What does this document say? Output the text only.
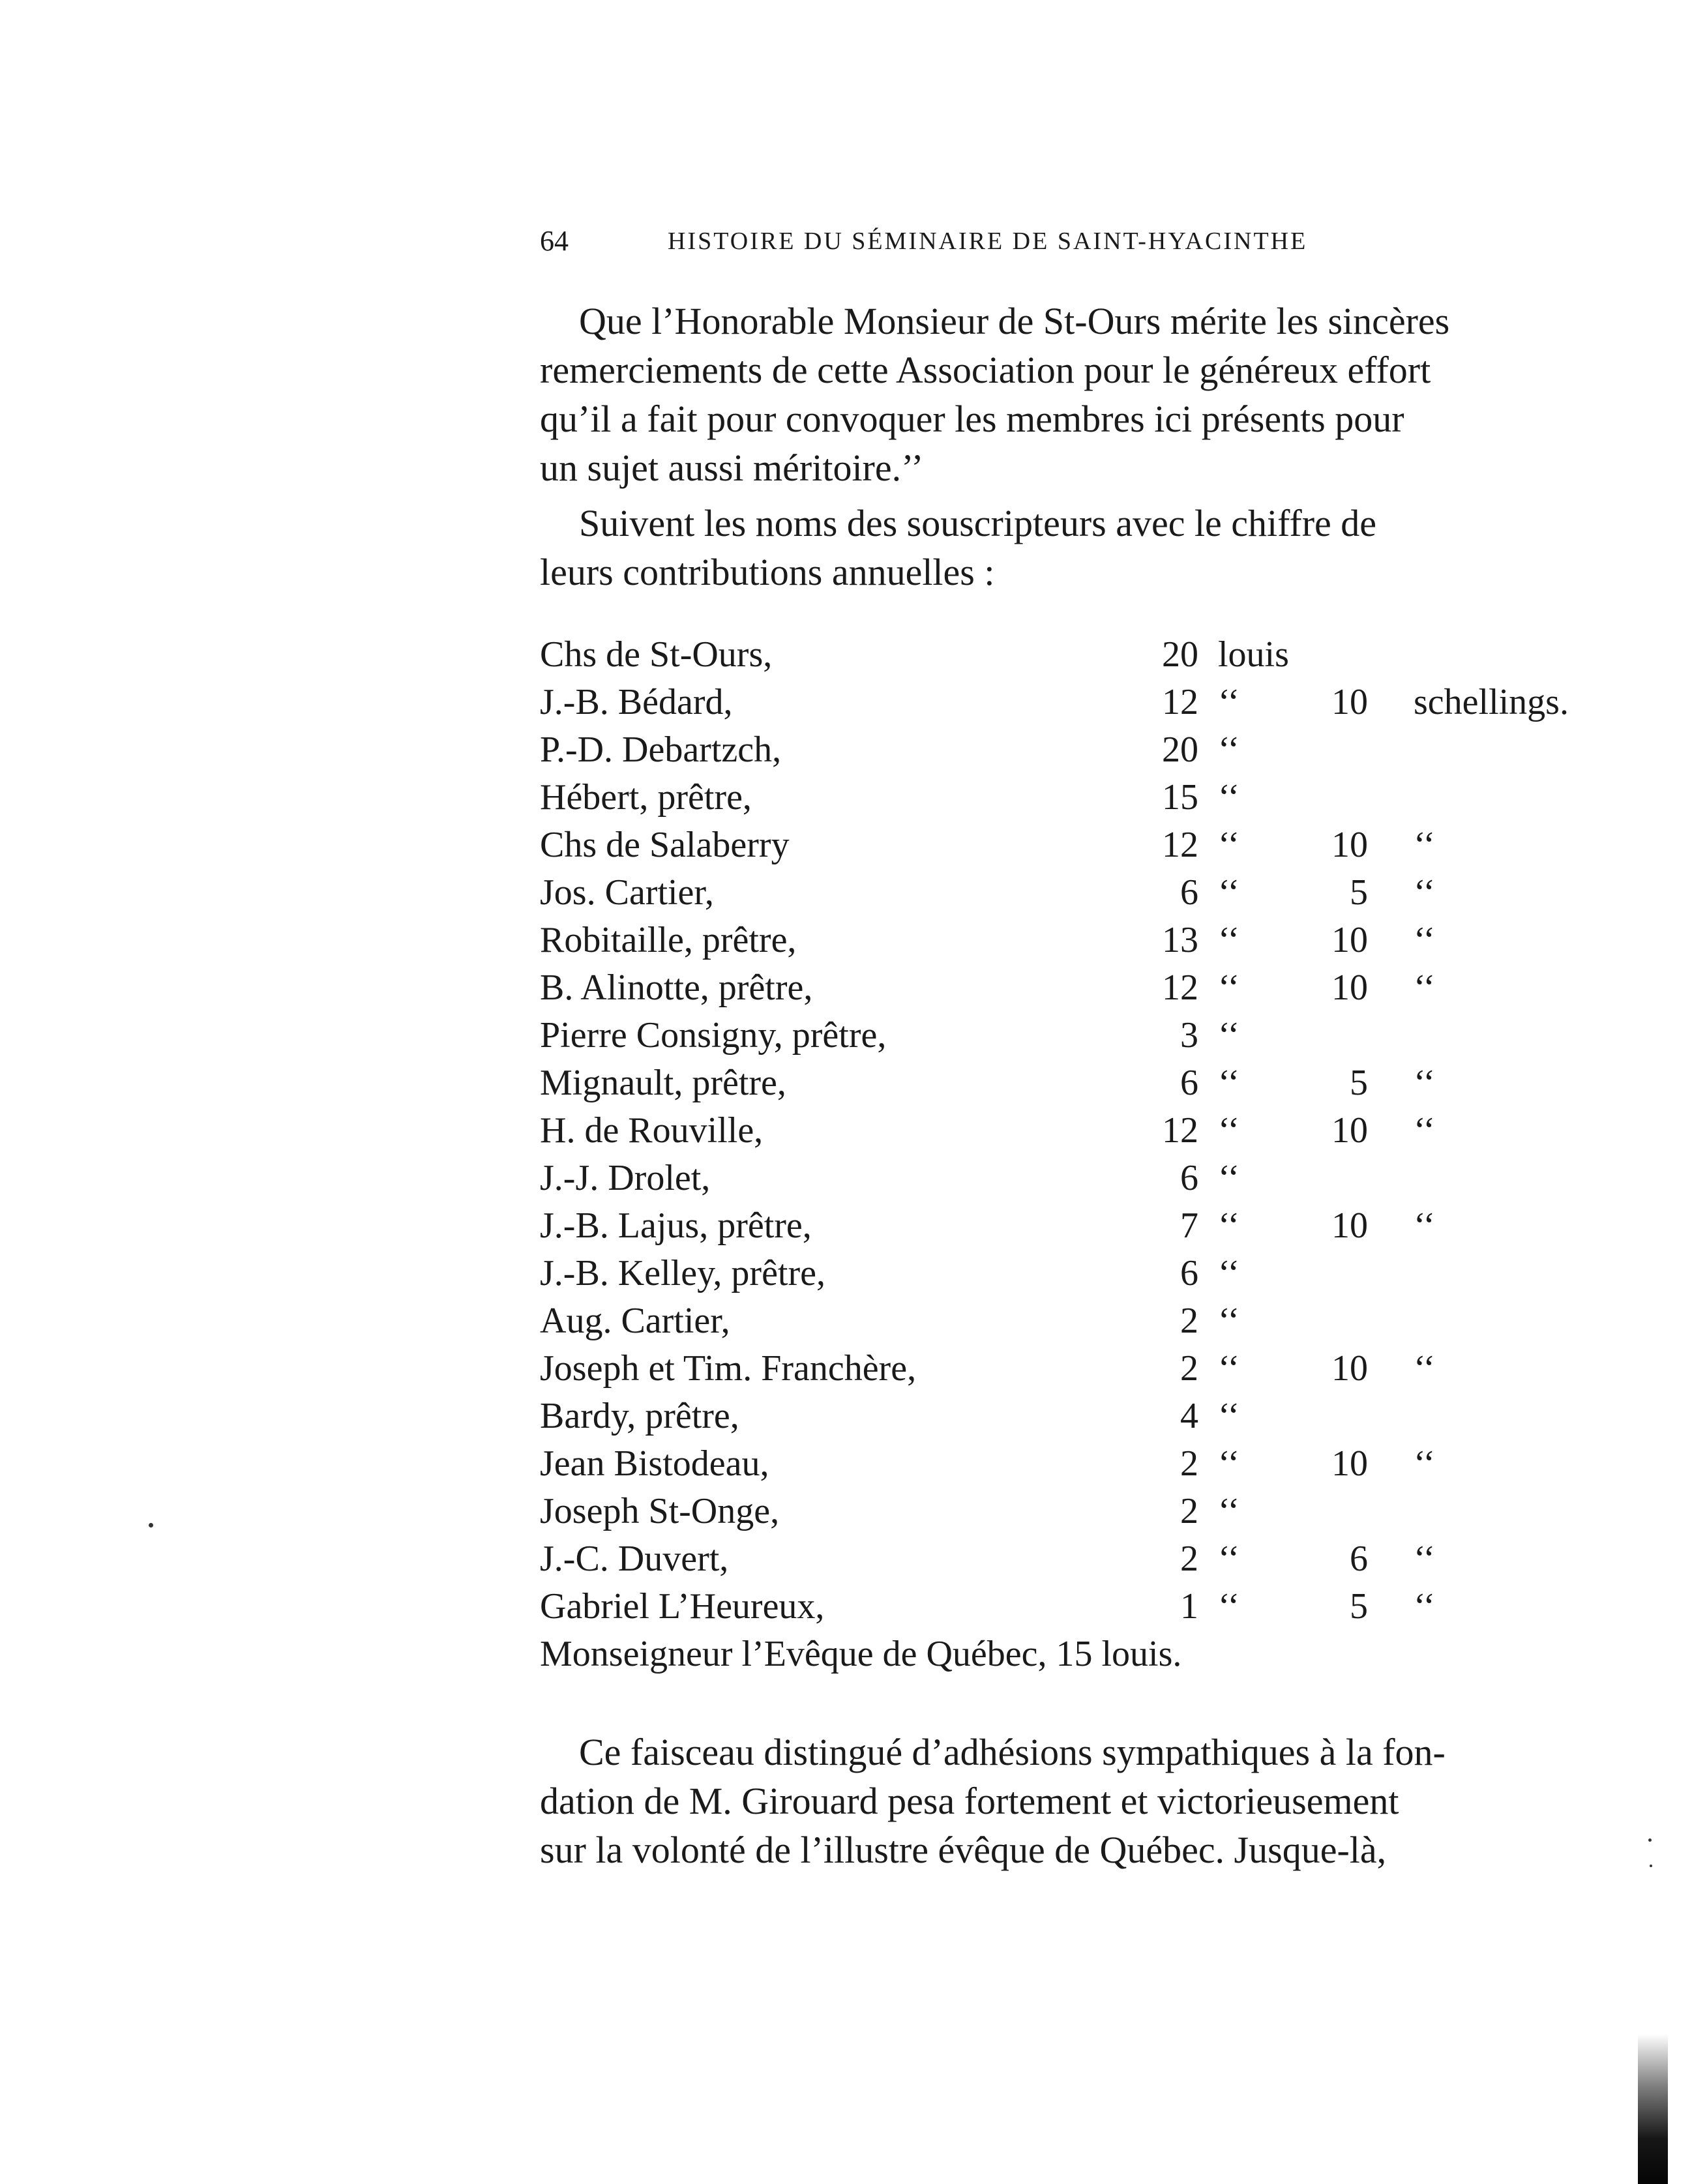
64	HISTOIRE DU SÉMINAIRE DE SAINT-HYACINTHE

Que l’Honorable Monsieur de St-Ours mérite les sincères
remerciements de cette Association pour le généreux effort
qu’il a fait pour convoquer les membres ici présents pour
un sujet aussi méritoire.’’

Suivent les noms des souscripteurs avec le chiffre de
leurs contributions annuelles :

Chs de St-Ours,	20 louis
J.-B. Bédard,	12 ‘‘	10 schellings.
P.-D. Debartzch,	20 ‘‘
Hébert, prêtre,	15 ‘‘
Chs de Salaberry	12 ‘‘	10 ‘‘
Jos. Cartier,	6 ‘‘	5 ‘‘
Robitaille, prêtre,	13 ‘‘	10 ‘‘
B. Alinotte, prêtre,	12 ‘‘	10 ‘‘
Pierre Consigny, prêtre,	3 ‘‘
Mignault, prêtre,	6 ‘‘	5 ‘‘
H. de Rouville,	12 ‘‘	10 ‘‘
J.-J. Drolet,	6 ‘‘
J.-B. Lajus, prêtre,	7 ‘‘	10 ‘‘
J.-B. Kelley, prêtre,	6 ‘‘
Aug. Cartier,	2 ‘‘
Joseph et Tim. Franchère,	2 ‘‘	10 ‘‘
Bardy, prêtre,	4 ‘‘
Jean Bistodeau,	2 ‘‘	10 ‘‘
Joseph St-Onge,	2 ‘‘
J.-C. Duvert,	2 ‘‘	6 ‘‘
Gabriel L’Heureux,	1 ‘‘	5 ‘‘
Monseigneur l’Evêque de Québec, 15 louis.

Ce faisceau distingué d’adhésions sympathiques à la fon-
dation de M. Girouard pesa fortement et victorieusement
sur la volonté de l’illustre évêque de Québec. Jusque-là,
